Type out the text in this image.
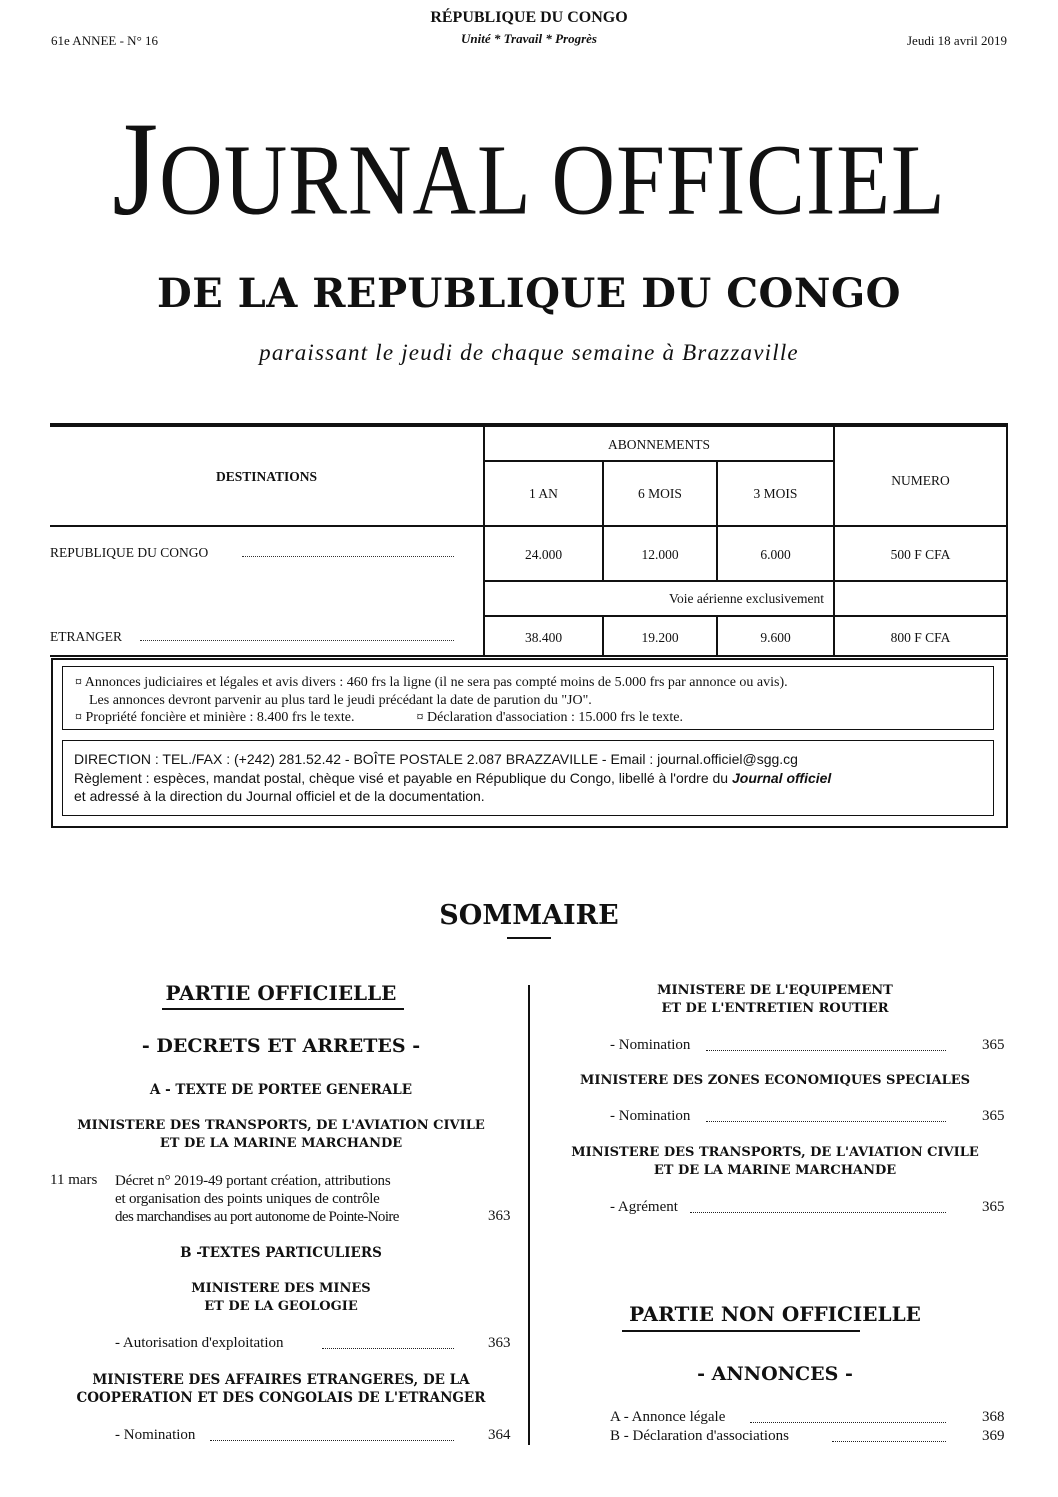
61e ANNEE - N° 16
RÉPUBLIQUE DU CONGO
Unité * Travail * Progrès	Jeudi 18 avril 2019
JOURNAL OFFICIEL
DE LA REPUBLIQUE DU CONGO
paraissant le jeudi de chaque semaine à Brazzaville
DESTINATIONS
ABONNEMENTS
1 AN	6 MOIS	3 MOIS
NUMERO
REPUBLIQUE DU CONGO	24.000	12.000	6.000	500 F CFA
Voie aérienne exclusivement
ETRANGER	38.400	19.200	9.600	800 F CFA
¤ Annonces judiciaires et légales et avis divers : 460 frs la ligne (il ne sera pas compté moins de 5.000 frs par annonce ou avis).
Les annonces devront parvenir au plus tard le jeudi précédant la date de parution du "JO".
¤ Propriété foncière et minière : 8.400 frs le texte.	¤ Déclaration d'association : 15.000 frs le texte.
DIRECTION : TEL./FAX : (+242) 281.52.42 - BOÎTE POSTALE 2.087 BRAZZAVILLE - Email : journal.officiel@sgg.cg
Règlement : espèces, mandat postal, chèque visé et payable en République du Congo, libellé à l'ordre du Journal officiel
et adressé à la direction du Journal officiel et de la documentation.
SOMMAIRE
PARTIE OFFICIELLE
- DECRETS ET ARRETES -
A - TEXTE DE PORTEE GENERALE
MINISTERE DES TRANSPORTS, DE L'AVIATION CIVILE
ET DE LA MARINE MARCHANDE
11 mars Décret n° 2019-49 portant création, attributions
et organisation des points uniques de contrôle
des marchandises au port autonome de Pointe-Noire	363
B -TEXTES PARTICULIERS
MINISTERE DES MINES
ET DE LA GEOLOGIE
- Autorisation d'exploitation	363
MINISTERE DES AFFAIRES ETRANGERES, DE LA
COOPERATION ET DES CONGOLAIS DE L'ETRANGER
- Nomination	364
MINISTERE DE L'EQUIPEMENT
ET DE L'ENTRETIEN ROUTIER
- Nomination	365
MINISTERE DES ZONES ECONOMIQUES SPECIALES
- Nomination	365
MINISTERE DES TRANSPORTS, DE L'AVIATION CIVILE
ET DE LA MARINE MARCHANDE
- Agrément	365
PARTIE NON OFFICIELLE
- ANNONCES -
A - Annonce légale	368
B - Déclaration d'associations	369
